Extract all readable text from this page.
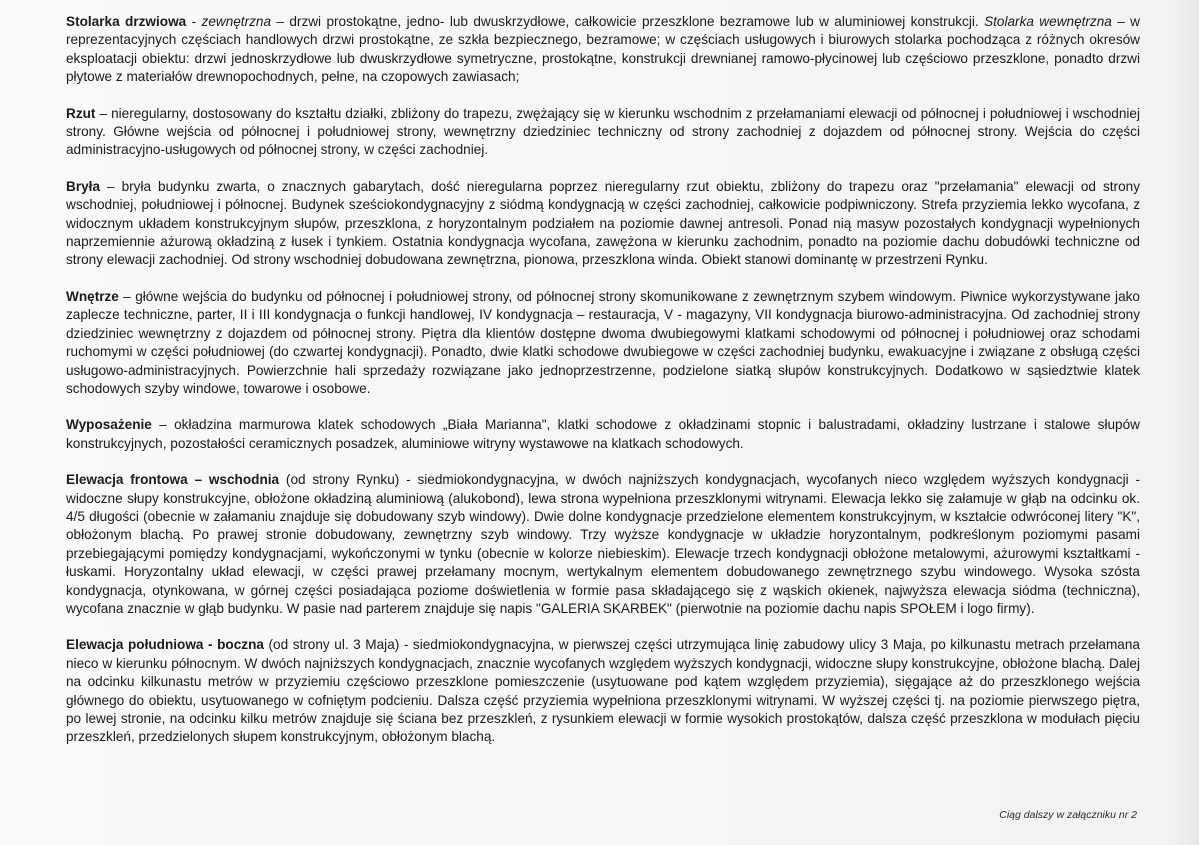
Stolarka drzwiowa - zewnętrzna – drzwi prostokątne, jedno- lub dwuskrzydłowe, całkowicie przeszklone bezramowe lub w aluminiowej konstrukcji. Stolarka wewnętrzna – w reprezentacyjnych częściach handlowych drzwi prostokątne, ze szkła bezpiecznego, bezramowe; w częściach usługowych i biurowych stolarka pochodząca z różnych okresów eksploatacji obiektu: drzwi jednoskrzydłowe lub dwuskrzydłowe symetryczne, prostokątne, konstrukcji drewnianej ramowo-płycinowej lub częściowo przeszklone, ponadto drzwi płytowe z materiałów drewnopochodnych, pełne, na czopowych zawiasach;

Rzut – nieregularny, dostosowany do kształtu działki, zbliżony do trapezu, zwężający się w kierunku wschodnim z przełamaniami elewacji od północnej i południowej i wschodniej strony. Główne wejścia od północnej i południowej strony, wewnętrzny dziedziniec techniczny od strony zachodniej z dojazdem od północnej strony. Wejścia do części administracyjno-usługowych od północnej strony, w części zachodniej.

Bryła – bryła budynku zwarta, o znacznych gabarytach, dość nieregularna poprzez nieregularny rzut obiektu, zbliżony do trapezu oraz "przełamania" elewacji od strony wschodniej, południowej i północnej. Budynek sześciokondygnacyjny z siódmą kondygnacją w części zachodniej, całkowicie podpiwniczony. Strefa przyziemia lekko wycofana, z widocznym układem konstrukcyjnym słupów, przeszklona, z horyzontalnym podziałem na poziomie dawnej antresoli. Ponad nią masyw pozostałych kondygnacji wypełnionych naprzemiennie ażurową okładziną z łusek i tynkiem. Ostatnia kondygnacja wycofana, zawężona w kierunku zachodnim, ponadto na poziomie dachu dobudówki techniczne od strony elewacji zachodniej. Od strony wschodniej dobudowana zewnętrzna, pionowa, przeszklona winda. Obiekt stanowi dominantę w przestrzeni Rynku.

Wnętrze – główne wejścia do budynku od północnej i południowej strony, od północnej strony skomunikowane z zewnętrznym szybem windowym. Piwnice wykorzystywane jako zaplecze techniczne, parter, II i III kondygnacja o funkcji handlowej, IV kondygnacja – restauracja, V - magazyny, VII kondygnacja biurowo-administracyjna. Od zachodniej strony dziedziniec wewnętrzny z dojazdem od północnej strony. Piętra dla klientów dostępne dwoma dwubiegowymi klatkami schodowymi od północnej i południowej oraz schodami ruchomymi w części południowej (do czwartej kondygnacji). Ponadto, dwie klatki schodowe dwubiegowe w części zachodniej budynku, ewakuacyjne i związane z obsługą części usługowo-administracyjnych. Powierzchnie hali sprzedaży rozwiązane jako jednoprzestrzenne, podzielone siatką słupów konstrukcyjnych. Dodatkowo w sąsiedztwie klatek schodowych szyby windowe, towarowe i osobowe.

Wyposażenie – okładzina marmurowa klatek schodowych „Biała Marianna", klatki schodowe z okładzinami stopnic i balustradami, okładziny lustrzane i stalowe słupów konstrukcyjnych, pozostałości ceramicznych posadzek, aluminiowe witryny wystawowe na klatkach schodowych.

Elewacja frontowa – wschodnia (od strony Rynku) - siedmiokondygnacyjna, w dwóch najniższych kondygnacjach, wycofanych nieco względem wyższych kondygnacji - widoczne słupy konstrukcyjne, obłożone okładziną aluminiową (alukobond), lewa strona wypełniona przeszklonymi witrynami. Elewacja lekko się załamuje w głąb na odcinku ok. 4/5 długości (obecnie w załamaniu znajduje się dobudowany szyb windowy). Dwie dolne kondygnacje przedzielone elementem konstrukcyjnym, w kształcie odwróconej litery "K", obłożonym blachą. Po prawej stronie dobudowany, zewnętrzny szyb windowy. Trzy wyższe kondygnacje w układzie horyzontalnym, podkreślonym poziomymi pasami przebiegającymi pomiędzy kondygnacjami, wykończonymi w tynku (obecnie w kolorze niebieskim). Elewacje trzech kondygnacji obłożone metalowymi, ażurowymi kształtkami - łuskami. Horyzontalny układ elewacji, w części prawej przełamany mocnym, wertykalnym elementem dobudowanego zewnętrznego szybu windowego. Wysoka szósta kondygnacja, otynkowana, w górnej części posiadająca poziome doświetlenia w formie pasa składającego się z wąskich okienek, najwyższa elewacja siódma (techniczna), wycofana znacznie w głąb budynku. W pasie nad parterem znajduje się napis "GALERIA SKARBEK" (pierwotnie na poziomie dachu napis SPOŁEM i logo firmy).

Elewacja południowa - boczna (od strony ul. 3 Maja) - siedmiokondygnacyjna, w pierwszej części utrzymująca linię zabudowy ulicy 3 Maja, po kilkunastu metrach przełamana nieco w kierunku północnym. W dwóch najniższych kondygnacjach, znacznie wycofanych względem wyższych kondygnacji, widoczne słupy konstrukcyjne, obłożone blachą. Dalej na odcinku kilkunastu metrów w przyziemiu częściowo przeszklone pomieszczenie (usytuowane pod kątem względem przyziemia), sięgające aż do przeszklonego wejścia głównego do obiektu, usytuowanego w cofniętym podcieniu. Dalsza część przyziemia wypełniona przeszklonymi witrynami. W wyższej części tj. na poziomie pierwszego piętra, po lewej stronie, na odcinku kilku metrów znajduje się ściana bez przeszkleń, z rysunkiem elewacji w formie wysokich prostokątów, dalsza część przeszklona w modułach pięciu przeszkleń, przedzielonych słupem konstrukcyjnym, obłożonym blachą.

Ciąg dalszy w załączniku nr 2
